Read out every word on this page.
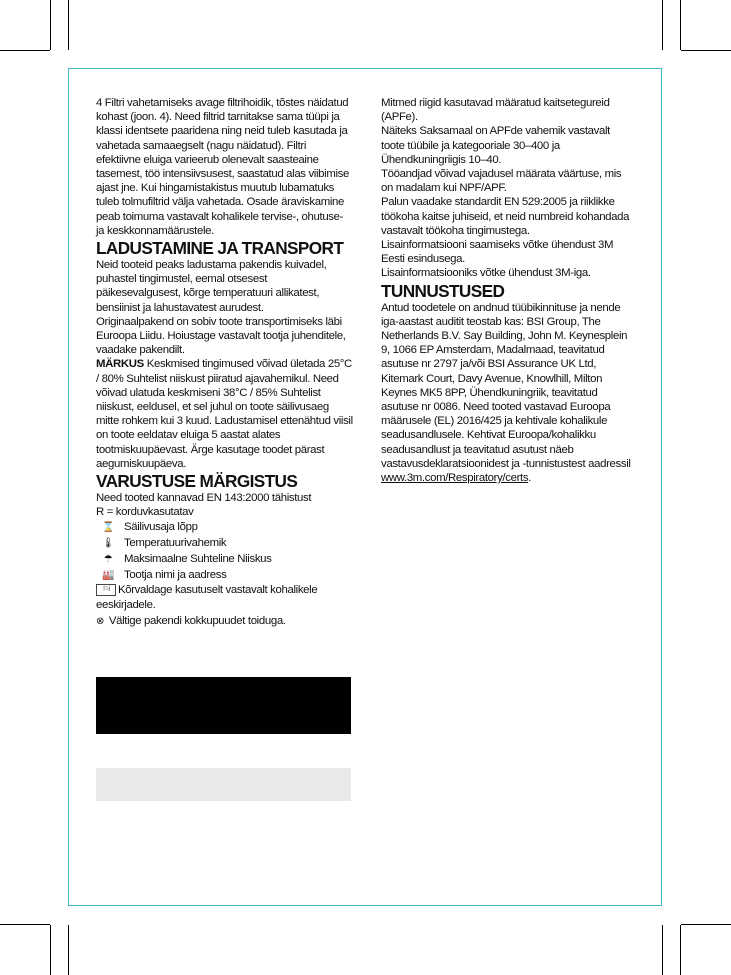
4 Filtri vahetamiseks avage filtrihoidik, tõstes näidatud kohast (joon. 4). Need filtrid tarnitakse sama tüüpi ja klassi identsete paaridena ning neid tuleb kasutada ja vahetada samaaegselt (nagu näidatud). Filtri efektiivne eluiga varieerub olenevalt saasteaine tasemest, töö intensiivsusest, saastatud alas viibimise ajast jne. Kui hingamistakistus muutub lubamatuks tuleb tolmufiltrid välja vahetada. Osade äraviskamine peab toimuma vastavalt kohalikele tervise-, ohutuse- ja keskkonnamäärustele.

LADUSTAMINE JA TRANSPORT

Neid tooteid peaks ladustama pakendis kuivadel, puhastel tingimustel, eemal otsesest päikesevalgusest, kõrge temperatuuri allikatest, bensiinist ja lahustavatest aurudest.

Originaalpakend on sobiv toote transportimiseks läbi Euroopa Liidu. Hoiustage vastavalt tootja juhenditele, vaadake pakendilt.

MÄRKUS Keskmised tingimused võivad ületada 25°C / 80% Suhtelist niiskust piiratud ajavahemikul. Need võivad ulatuda keskmiseni 38°C / 85% Suhtelist niiskust, eeldusel, et sel juhul on toote säilivusaeg mitte rohkem kui 3 kuud. Ladustamisel ettenähtud viisil on toote eeldatav eluiga 5 aastat alates tootmiskuupäevast. Ärge kasutage toodet pärast aegumiskuupäeva.

VARUSTUSE MÄRGISTUS

Need tooted kannavad EN 143:2000 tähistust

R = korduvkasutatav

⌛ Säilivusaja lõpp
🌡 Temperatuurivahemik
☂ Maksimaalne Suhteline Niiskus
🏭 Tootja nimi ja aadress

⚐i Kõrvaldage kasutuselt vastavalt kohalikele eeskirjadele.

⊗ Vältige pakendi kokkupuudet toiduga.

Mitmed riigid kasutavad määratud kaitsetegureid (APFe).

Näiteks Saksamaal on APFde vahemik vastavalt toote tüübile ja kategooriale 30–400 ja Ühendkuningriigis 10–40.

Tööandjad võivad vajadusel määrata väärtuse, mis on madalam kui NPF/APF.

Palun vaadake standardit EN 529:2005 ja riiklikke töökoha kaitse juhiseid, et neid numbreid kohandada vastavalt töökoha tingimustega.

Lisainformatsiooni saamiseks võtke ühendust 3M Eesti esindusega.

Lisainformatsiooniks võtke ühendust 3M-iga.

TUNNUSTUSED

Antud toodetele on andnud tüübikinnituse ja nende iga-aastast auditit teostab kas: BSI Group, The Netherlands B.V. Say Building, John M. Keynesplein 9, 1066 EP Amsterdam, Madalmaad, teavitatud asutuse nr 2797 ja/või BSI Assurance UK Ltd, Kitemark Court, Davy Avenue, Knowlhill, Milton Keynes MK5 8PP, Ühendkuningriik, teavitatud asutuse nr 0086. Need tooted vastavad Euroopa määrusele (EL) 2016/425 ja kehtivale kohalikule seadusandlusele. Kehtivat Euroopa/kohalikku seadusandlust ja teavitatud asutust näeb vastavusdeklaratsioonidest ja -tunnistustest aadressil www.3m.com/Respiratory/certs.
